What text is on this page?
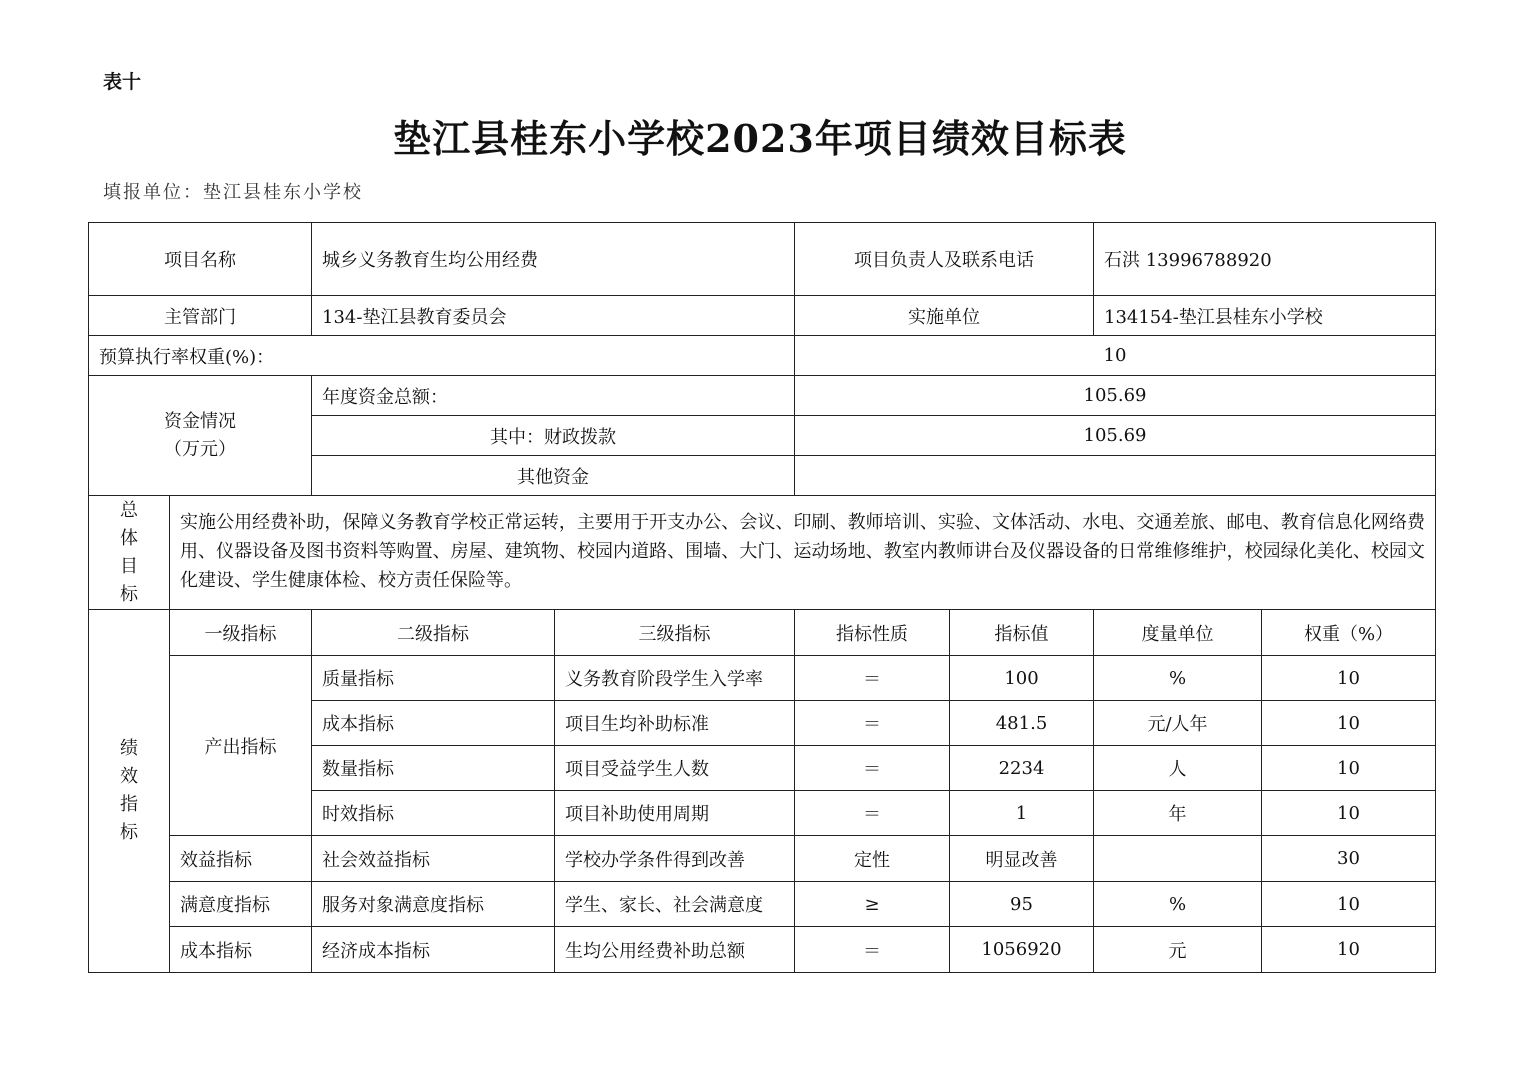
表十
垫江县桂东小学校2023年项目绩效目标表
填报单位：垫江县桂东小学校
项目名称		城乡义务教育生均公用经费		项目负责人及联系电话		石洪 13996788920	
主管部门		134-垫江县教育委员会		实施单位		134154-垫江县桂东小学校	
预算执行率权重(%)：				10			
资金情况
（万元）		年度资金总额：		105.69			
		其中：财政拨款		105.69			
		其他资金					
总
体
目
标	实施公用经费补助，保障义务教育学校正常运转，主要用于开支办公、会议、印刷、教师培训、实验、文体活动、水电、交通差旅、邮电、教育信息化网络费用、仪器设备及图书资料等购置、房屋、建筑物、校园内道路、围墙、大门、运动场地、教室内教师讲台及仪器设备的日常维修维护，校园绿化美化、校园文化建设、学生健康体检、校方责任保险等。						
绩
效
指
标	一级指标	二级指标	三级指标	指标性质	指标值	度量单位	权重（%）
	产出指标	质量指标	义务教育阶段学生入学率	＝	100	%	10
		成本指标	项目生均补助标准	＝	481.5	元/人年	10
		数量指标	项目受益学生人数	＝	2234	人	10
		时效指标	项目补助使用周期	＝	1	年	10
	效益指标	社会效益指标	学校办学条件得到改善	定性	明显改善		30
	满意度指标	服务对象满意度指标	学生、家长、社会满意度	≥	95	%	10
	成本指标	经济成本指标	生均公用经费补助总额	＝	1056920	元	10
